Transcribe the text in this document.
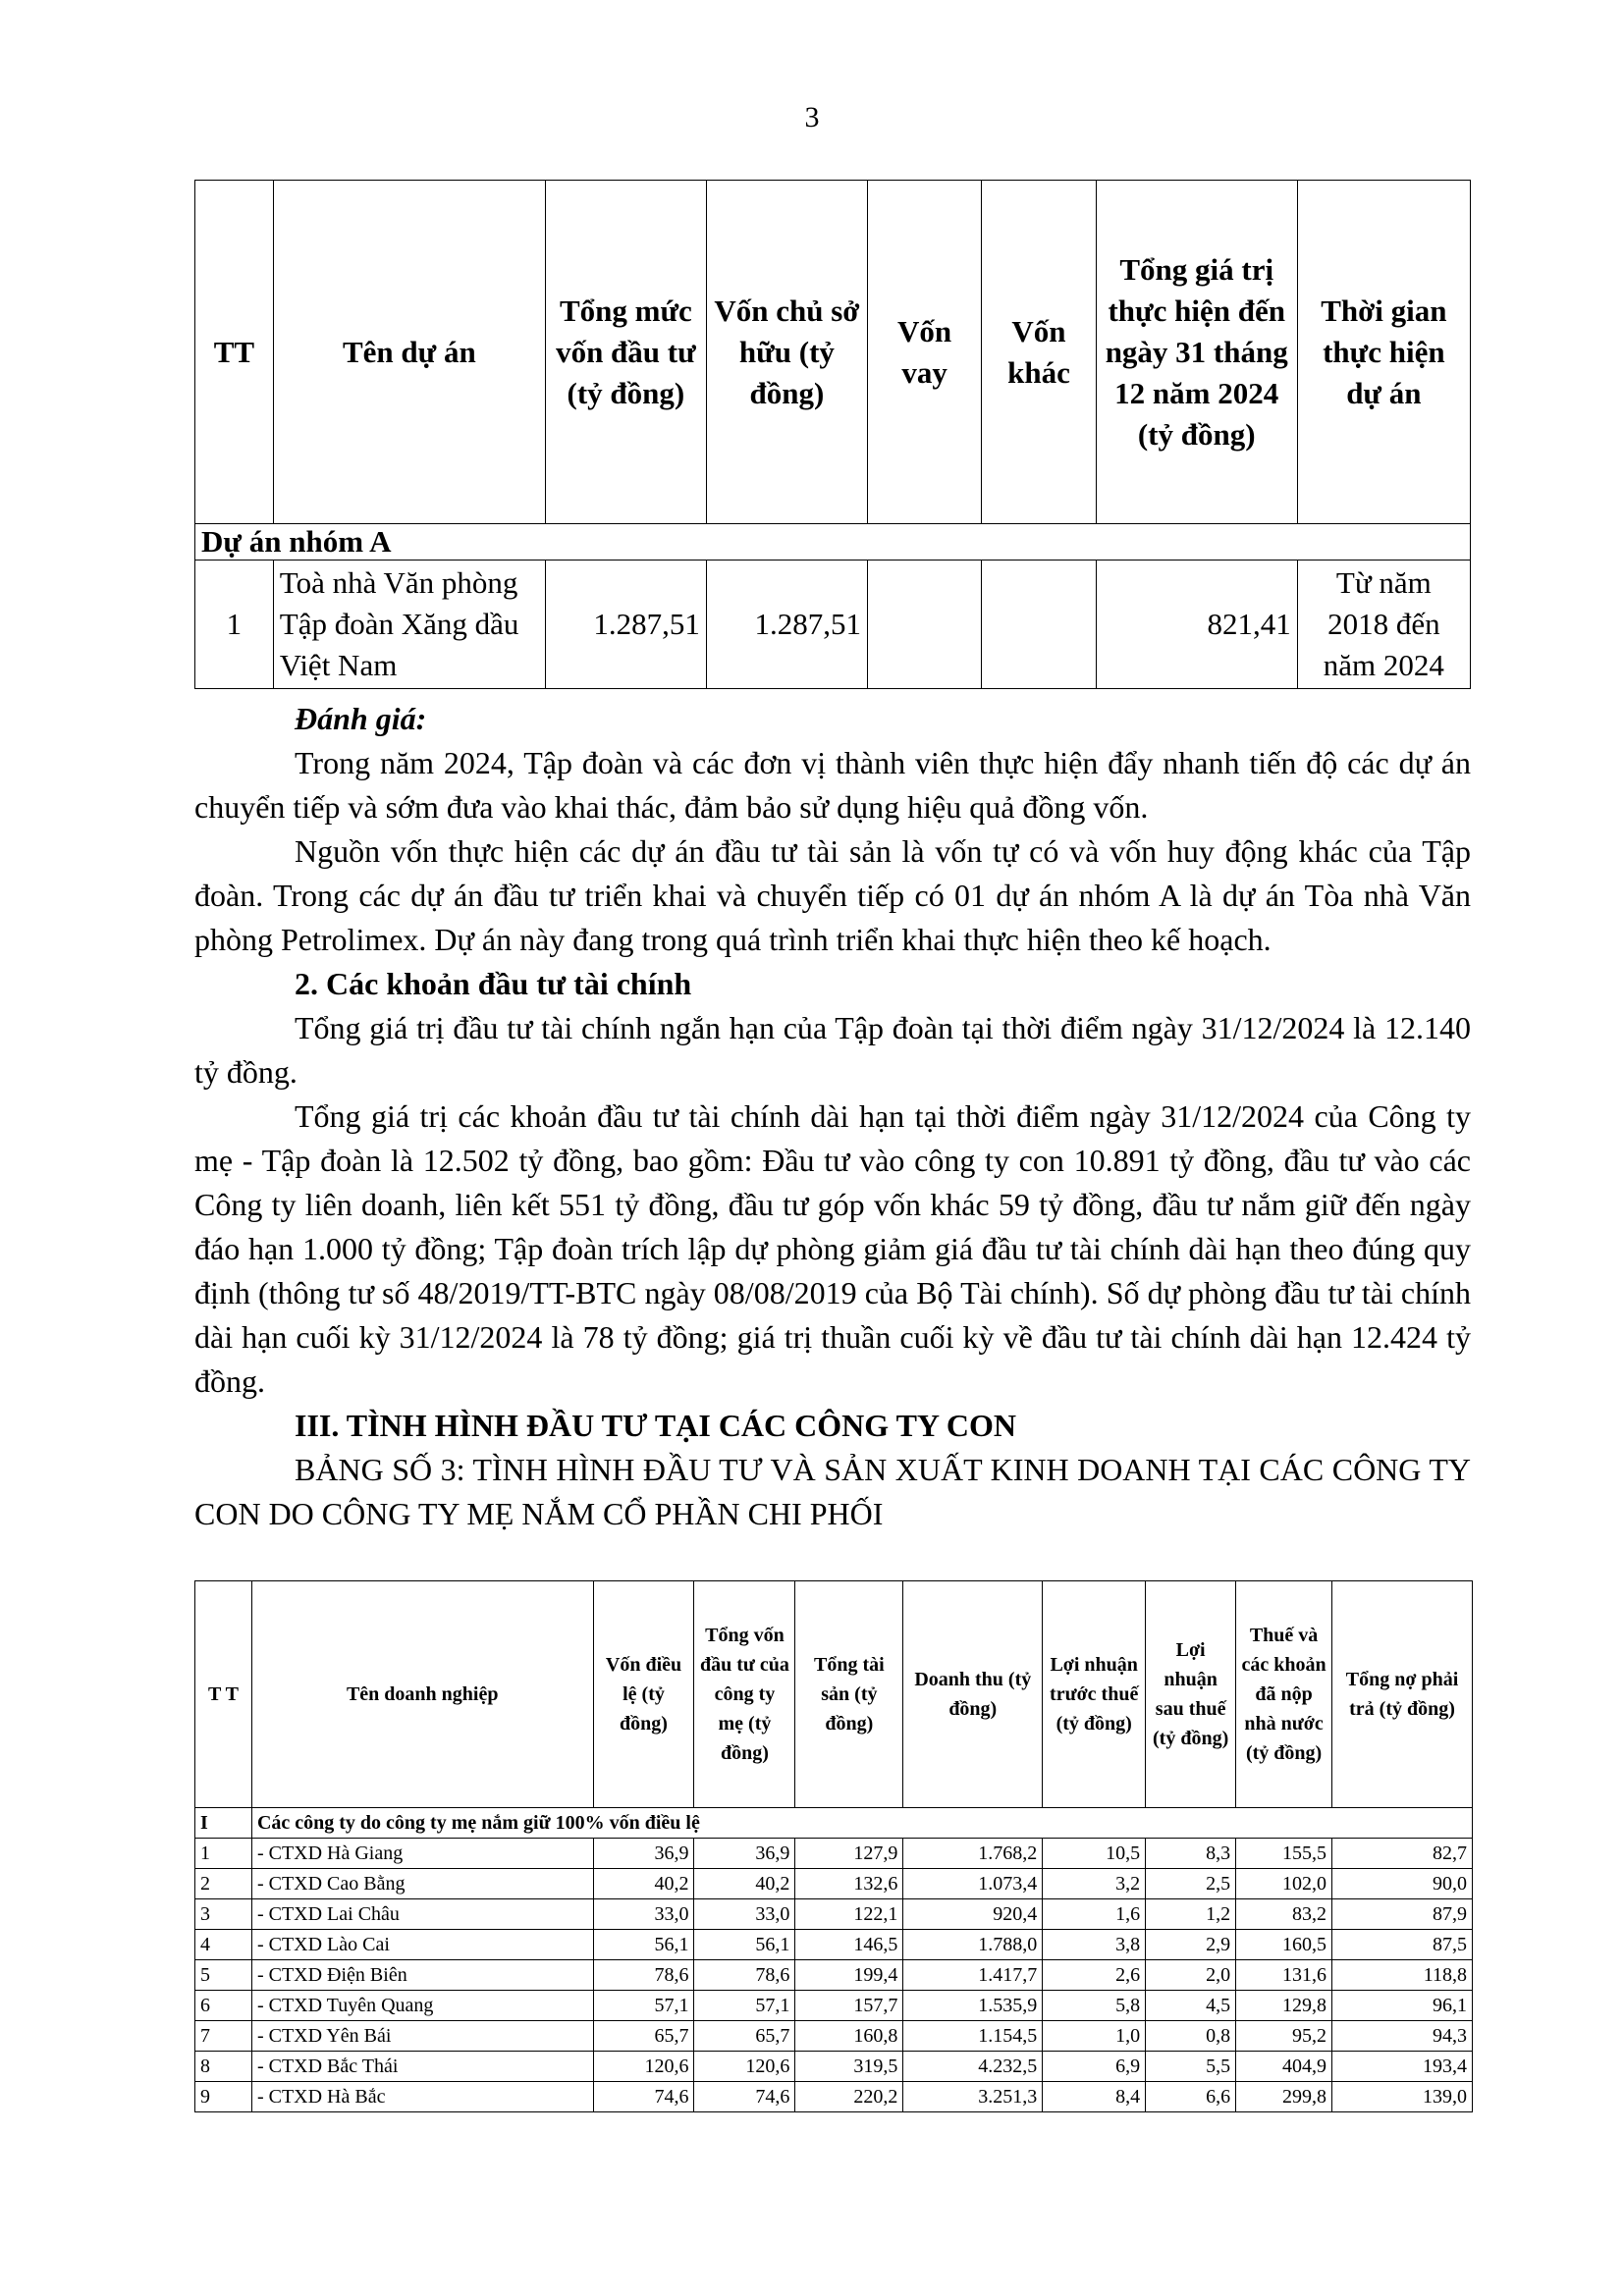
3
TT	Tên dự án	Tổng mức vốn đầu tư (tỷ đồng)	Vốn chủ sở hữu (tỷ đồng)	Vốn vay	Vốn khác	Tổng giá trị thực hiện đến ngày 31 tháng 12 năm 2024 (tỷ đồng)	Thời gian thực hiện dự án
Dự án nhóm A							
1	Toà nhà Văn phòng Tập đoàn Xăng dầu Việt Nam	1.287,51	1.287,51			821,41	Từ năm 2018 đến năm 2024

Đánh giá:

Trong năm 2024, Tập đoàn và các đơn vị thành viên thực hiện đẩy nhanh tiến độ các dự án chuyển tiếp và sớm đưa vào khai thác, đảm bảo sử dụng hiệu quả đồng vốn.

Nguồn vốn thực hiện các dự án đầu tư tài sản là vốn tự có và vốn huy động khác của Tập đoàn. Trong các dự án đầu tư triển khai và chuyển tiếp có 01 dự án nhóm A là dự án Tòa nhà Văn phòng Petrolimex. Dự án này đang trong quá trình triển khai thực hiện theo kế hoạch.

2. Các khoản đầu tư tài chính

Tổng giá trị đầu tư tài chính ngắn hạn của Tập đoàn tại thời điểm ngày 31/12/2024 là 12.140 tỷ đồng.

Tổng giá trị các khoản đầu tư tài chính dài hạn tại thời điểm ngày 31/12/2024 của Công ty mẹ - Tập đoàn là 12.502 tỷ đồng, bao gồm: Đầu tư vào công ty con 10.891 tỷ đồng, đầu tư vào các Công ty liên doanh, liên kết 551 tỷ đồng, đầu tư góp vốn khác 59 tỷ đồng, đầu tư nắm giữ đến ngày đáo hạn 1.000 tỷ đồng; Tập đoàn trích lập dự phòng giảm giá đầu tư tài chính dài hạn theo đúng quy định (thông tư số 48/2019/TT-BTC ngày 08/08/2019 của Bộ Tài chính). Số dự phòng đầu tư tài chính dài hạn cuối kỳ 31/12/2024 là 78 tỷ đồng; giá trị thuần cuối kỳ về đầu tư tài chính dài hạn 12.424 tỷ đồng.

III. TÌNH HÌNH ĐẦU TƯ TẠI CÁC CÔNG TY CON

BẢNG SỐ 3: TÌNH HÌNH ĐẦU TƯ VÀ SẢN XUẤT KINH DOANH TẠI CÁC CÔNG TY CON DO CÔNG TY MẸ NẮM CỔ PHẦN CHI PHỐI

T T	Tên doanh nghiệp	Vốn điều lệ (tỷ đồng)	Tổng vốn đầu tư của công ty mẹ (tỷ đồng)	Tổng tài sản (tỷ đồng)	Doanh thu (tỷ đồng)	Lợi nhuận trước thuế (tỷ đồng)	Lợi nhuận sau thuế (tỷ đồng)	Thuế và các khoản đã nộp nhà nước (tỷ đồng)	Tổng nợ phải trả (tỷ đồng)
I	Các công ty do công ty mẹ nắm giữ 100% vốn điều lệ								
1	- CTXD Hà Giang	36,9	36,9	127,9	1.768,2	10,5	8,3	155,5	82,7
2	- CTXD Cao Bằng	40,2	40,2	132,6	1.073,4	3,2	2,5	102,0	90,0
3	- CTXD Lai Châu	33,0	33,0	122,1	920,4	1,6	1,2	83,2	87,9
4	- CTXD Lào Cai	56,1	56,1	146,5	1.788,0	3,8	2,9	160,5	87,5
5	- CTXD Điện Biên	78,6	78,6	199,4	1.417,7	2,6	2,0	131,6	118,8
6	- CTXD Tuyên Quang	57,1	57,1	157,7	1.535,9	5,8	4,5	129,8	96,1
7	- CTXD Yên Bái	65,7	65,7	160,8	1.154,5	1,0	0,8	95,2	94,3
8	- CTXD Bắc Thái	120,6	120,6	319,5	4.232,5	6,9	5,5	404,9	193,4
9	- CTXD Hà Bắc	74,6	74,6	220,2	3.251,3	8,4	6,6	299,8	139,0
